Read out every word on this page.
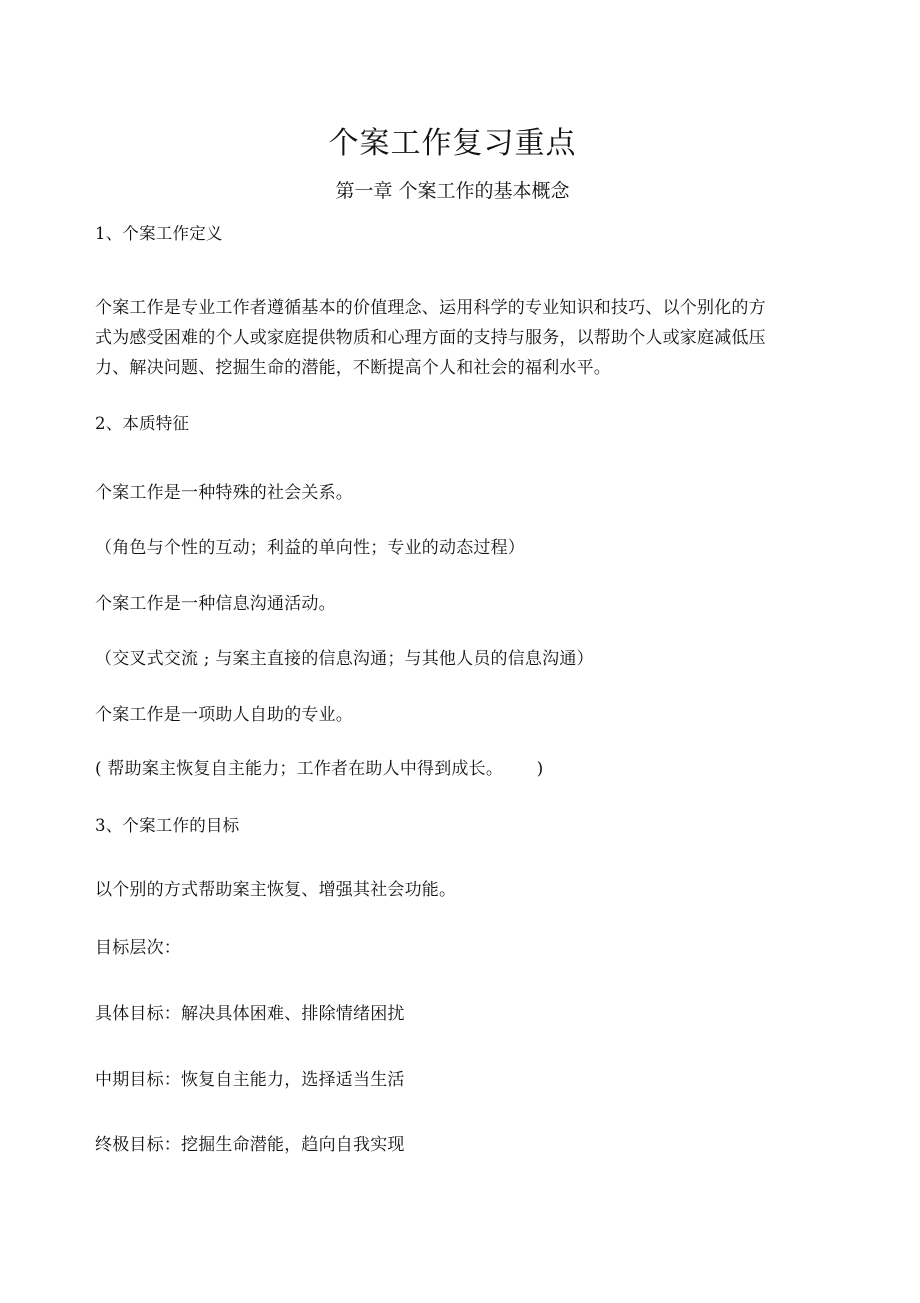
个案工作复习重点
第一章 个案工作的基本概念
1、个案工作定义
个案工作是专业工作者遵循基本的价值理念、运用科学的专业知识和技巧、以个别化的方
式为感受困难的个人或家庭提供物质和心理方面的支持与服务，以帮助个人或家庭减低压
力、解决问题、挖掘生命的潜能，不断提高个人和社会的福利水平。
2、本质特征
个案工作是一种特殊的社会关系。
（角色与个性的互动；利益的单向性；专业的动态过程）
个案工作是一种信息沟通活动。
（交叉式交流 ; 与案主直接的信息沟通；与其他人员的信息沟通）
个案工作是一项助人自助的专业。
( 帮助案主恢复自主能力；工作者在助人中得到成长。      )
3、个案工作的目标
以个别的方式帮助案主恢复、增强其社会功能。
目标层次：
具体目标：解决具体困难、排除情绪困扰
中期目标：恢复自主能力，选择适当生活
终极目标：挖掘生命潜能，趋向自我实现
